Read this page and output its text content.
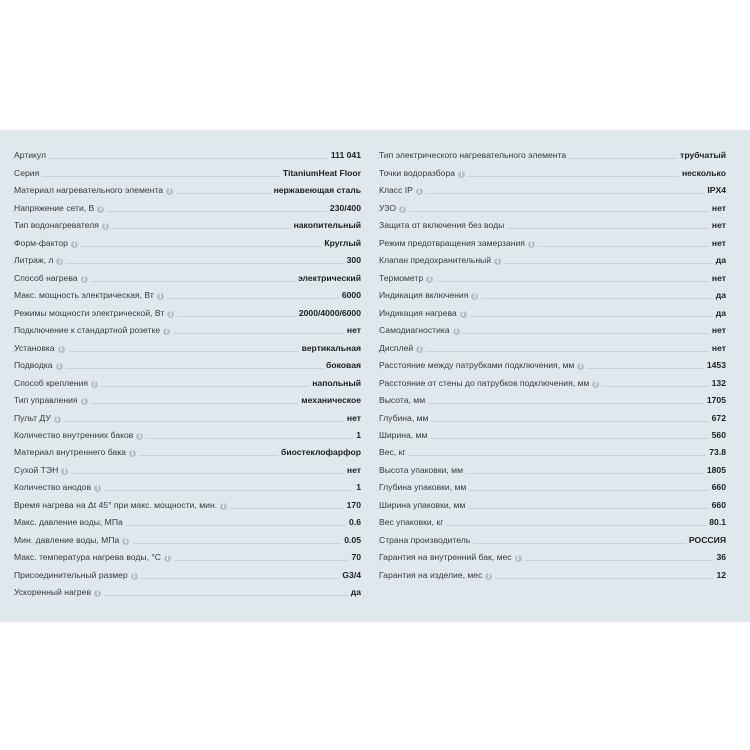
Артикул	111 041
Серия	TitaniumHeat Floor
Материал нагревательного элемента i	нержавеющая сталь
Напряжение сети, В i	230/400
Тип водонагревателя i	накопительный
Форм-фактор i	Круглый
Литраж, л i	300
Способ нагрева i	электрический
Макс. мощность электрическая, Вт i	6000
Режимы мощности электрической, Вт i	2000/4000/6000
Подключение к стандартной розетке i	нет
Установка i	вертикальная
Подводка i	боковая
Способ крепления i	напольный
Тип управления i	механическое
Пульт ДУ i	нет
Количество внутренних баков i	1
Материал внутреннего бака i	биостеклофарфор
Сухой ТЭН i	нет
Количество анодов i	1
Время нагрева на Δt 45° при макс. мощности, мин. i	170
Макс. давление воды, МПа	0.6
Мин. давление воды, МПа i	0.05
Макс. температура нагрева воды, °С i	70
Присоединительный размер i	G3/4
Ускоренный нагрев i	да
Тип электрического нагревательного элемента	трубчатый
Точки водоразбора i	несколько
Класс IP i	IPX4
УЗО i	нет
Защита от включения без воды	нет
Режим предотвращения замерзания i	нет
Клапан предохранительный i	да
Термометр i	нет
Индикация включения i	да
Индикация нагрева i	да
Самодиагностика i	нет
Дисплей i	нет
Расстояние между патрубками подключения, мм i	1453
Расстояние от стены до патрубков подключения, мм i	132
Высота, мм	1705
Глубина, мм	672
Ширина, мм	560
Вес, кг	73.8
Высота упаковки, мм	1805
Глубина упаковки, мм	660
Ширина упаковки, мм	660
Вес упаковки, кг	80.1
Страна производитель	РОССИЯ
Гарантия на внутренний бак, мес i	36
Гарантия на изделие, мес i	12
